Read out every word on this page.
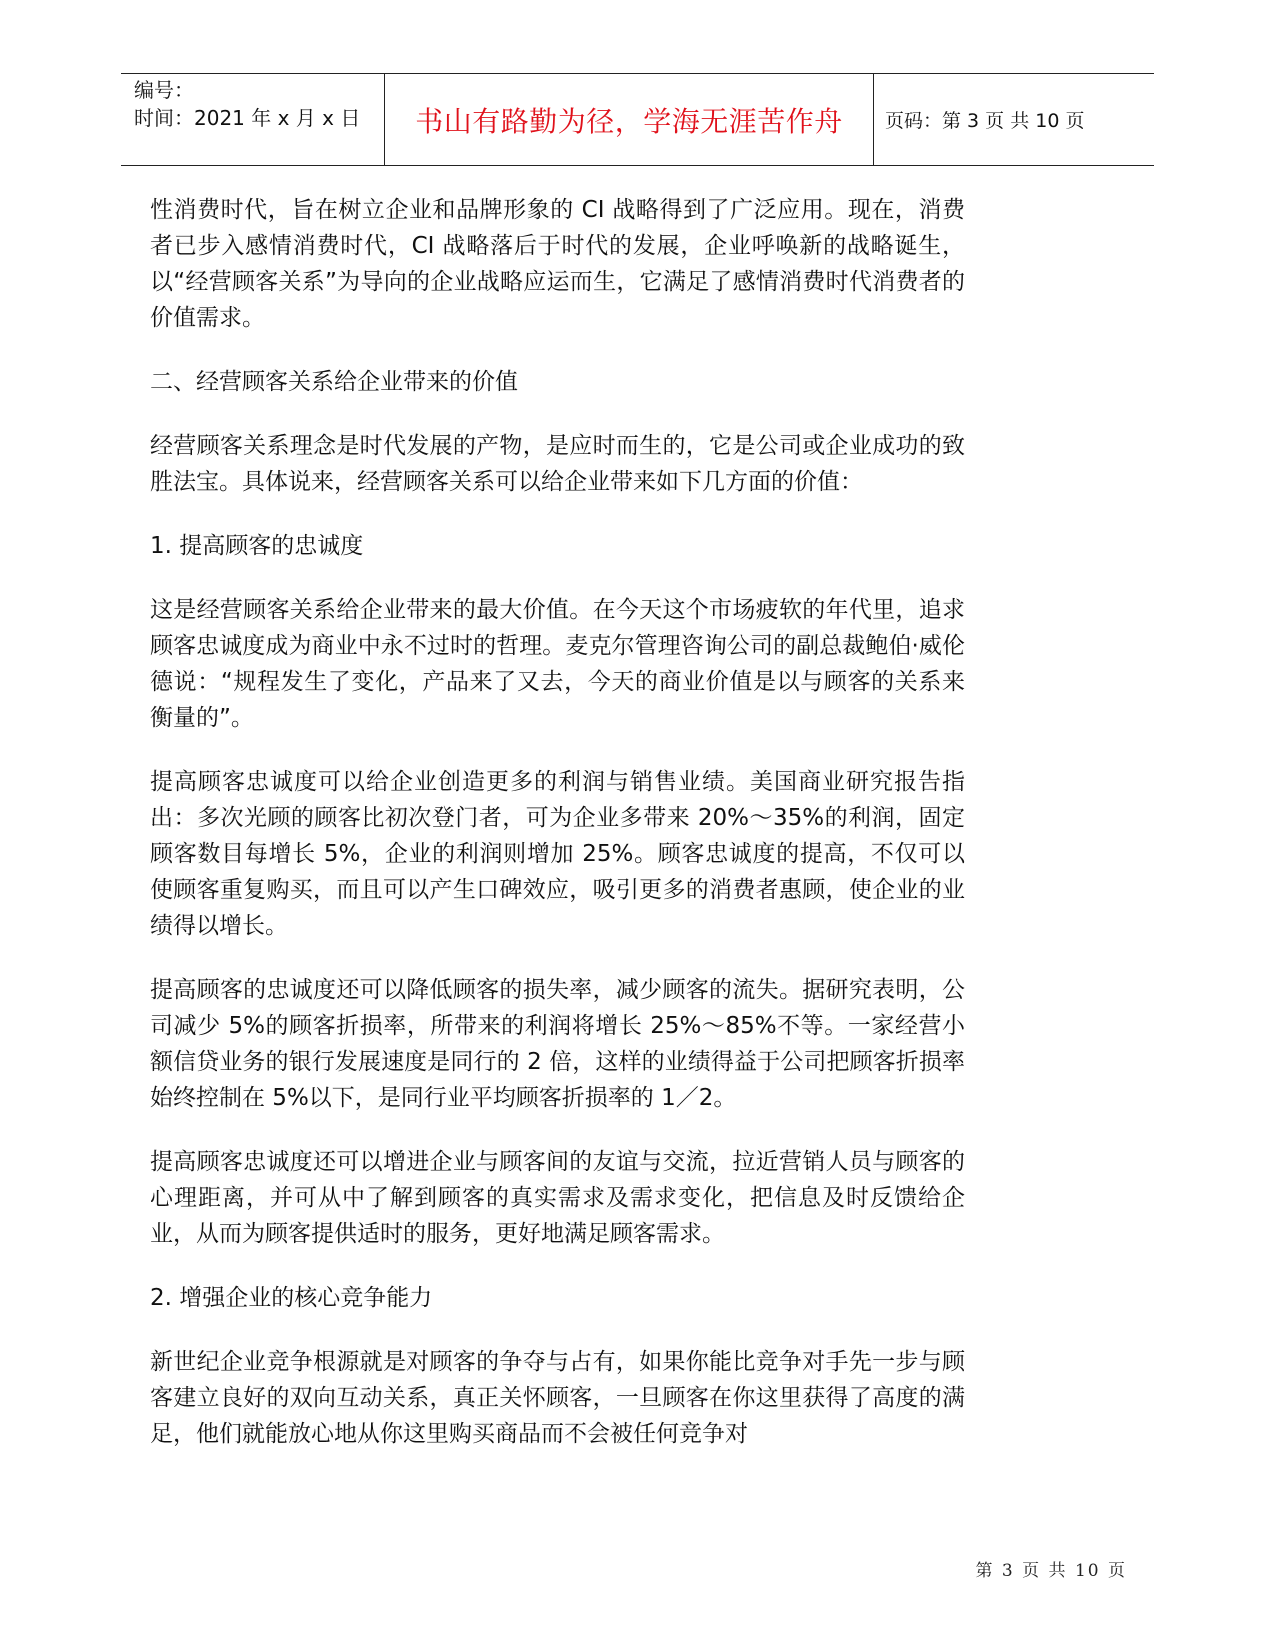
编号：
时间：2021 年 x 月 x 日	书山有路勤为径，学海无涯苦作舟 页码：第 3 页 共 10 页

性消费时代，旨在树立企业和品牌形象的 CI 战略得到了广泛应用。现在，消费者已步入感情消费时代，CI 战略落后于时代的发展，企业呼唤新的战略诞生，以“经营顾客关系”为导向的企业战略应运而生，它满足了感情消费时代消费者的价值需求。

二、经营顾客关系给企业带来的价值

经营顾客关系理念是时代发展的产物，是应时而生的，它是公司或企业成功的致胜法宝。具体说来，经营顾客关系可以给企业带来如下几方面的价值：

1. 提高顾客的忠诚度

这是经营顾客关系给企业带来的最大价值。在今天这个市场疲软的年代里，追求顾客忠诚度成为商业中永不过时的哲理。麦克尔管理咨询公司的副总裁鲍伯·威伦德说：“规程发生了变化，产品来了又去，今天的商业价值是以与顾客的关系来衡量的”。

提高顾客忠诚度可以给企业创造更多的利润与销售业绩。美国商业研究报告指出：多次光顾的顾客比初次登门者，可为企业多带来 20%～35%的利润，固定顾客数目每增长 5%，企业的利润则增加 25%。顾客忠诚度的提高，不仅可以使顾客重复购买，而且可以产生口碑效应，吸引更多的消费者惠顾，使企业的业绩得以增长。

提高顾客的忠诚度还可以降低顾客的损失率，减少顾客的流失。据研究表明，公司减少 5%的顾客折损率，所带来的利润将增长 25%～85%不等。一家经营小额信贷业务的银行发展速度是同行的 2 倍，这样的业绩得益于公司把顾客折损率始终控制在 5%以下，是同行业平均顾客折损率的 1／2。

提高顾客忠诚度还可以增进企业与顾客间的友谊与交流，拉近营销人员与顾客的心理距离，并可从中了解到顾客的真实需求及需求变化，把信息及时反馈给企业，从而为顾客提供适时的服务，更好地满足顾客需求。

2. 增强企业的核心竞争能力

新世纪企业竞争根源就是对顾客的争夺与占有，如果你能比竞争对手先一步与顾客建立良好的双向互动关系，真正关怀顾客，一旦顾客在你这里获得了高度的满足，他们就能放心地从你这里购买商品而不会被任何竞争对

第 3 页 共 10 页
